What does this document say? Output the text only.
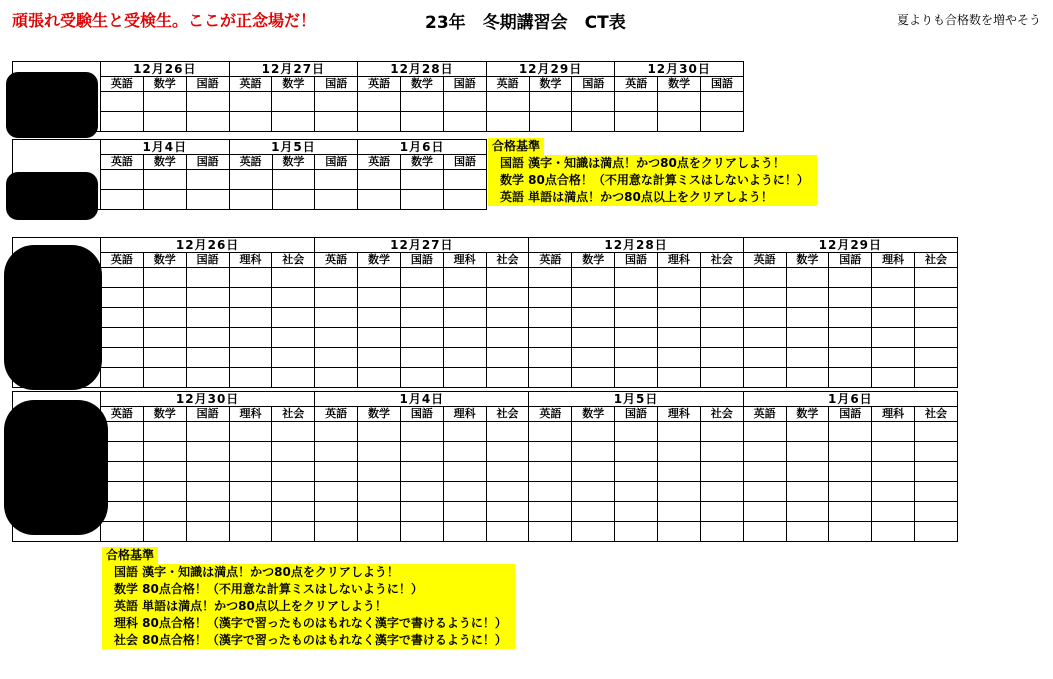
頑張れ受験生と受検生。ここが正念場だ！	23年　冬期講習会　CT表	夏よりも合格数を増やそう
	12月26日			12月27日			12月28日			12月29日			12月30日		
	英語	数学	国語	英語	数学	国語	英語	数学	国語	英語	数学	国語	英語	数学	国語

	1月4日			1月5日			1月6日		
	英語	数学	国語	英語	数学	国語	英語	数学	国語

合格基準
国語 漢字・知識は満点！かつ80点をクリアしよう！
数学 80点合格！（不用意な計算ミスはしないように！）
英語 単語は満点！かつ80点以上をクリアしよう！
	12月26日					12月27日					12月28日					12月29日				
	英語	数学	国語	理科	社会	英語	数学	国語	理科	社会	英語	数学	国語	理科	社会	英語	数学	国語	理科	社会

	12月30日					1月4日					1月5日					1月6日				
	英語	数学	国語	理科	社会	英語	数学	国語	理科	社会	英語	数学	国語	理科	社会	英語	数学	国語	理科	社会

合格基準
国語 漢字・知識は満点！かつ80点をクリアしよう！
数学 80点合格！（不用意な計算ミスはしないように！）
英語 単語は満点！かつ80点以上をクリアしよう！
理科 80点合格！（漢字で習ったものはもれなく漢字で書けるように！）
社会 80点合格！（漢字で習ったものはもれなく漢字で書けるように！）
